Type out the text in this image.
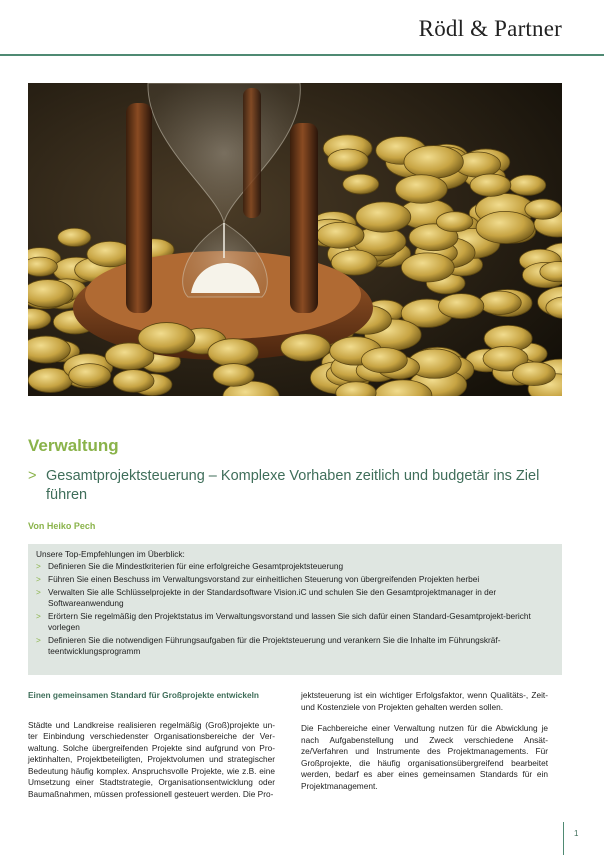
Rödl & Partner
Verwaltung
> Gesamtprojektsteuerung – Komplexe Vorhaben zeitlich und budgetär ins Ziel führen
Von Heiko Pech
Unsere Top-Empfehlungen im Überblick:
> Definieren Sie die Mindestkriterien für eine erfolgreiche Gesamtprojektsteuerung
> Führen Sie einen Beschuss im Verwaltungsvorstand zur einheitlichen Steuerung von übergreifenden Projekten herbei
> Verwalten Sie alle Schlüsselprojekte in der Standardsoftware Vision.iC und schulen Sie den Gesamtprojektmanager in der Softwareanwendung
> Erörtern Sie regelmäßig den Projektstatus im Verwaltungsvorstand und lassen Sie sich dafür einen Standard-Gesamtprojekt-bericht vorlegen
> Definieren Sie die notwendigen Führungsaufgaben für die Projektsteuerung und verankern Sie die Inhalte im Führungskräf-teentwicklungsprogramm
Einen gemeinsamen Standard für Großprojekte entwickeln

Städte und Landkreise realisieren regelmäßig (Groß)projekte un-ter Einbindung verschiedenster Organisationsbereiche der Ver-waltung. Solche übergreifenden Projekte sind aufgrund von Pro-jektinhalten, Projektbeteiligten, Projektvolumen und strategischer Bedeutung häufig komplex. Anspruchsvolle Projekte, wie z.B. eine Umsetzung einer Stadtstrategie, Organisationsentwicklung oder Baumaßnahmen, müssen professionell gesteuert werden. Die Pro-

jektsteuerung ist ein wichtiger Erfolgsfaktor, wenn Qualitäts-, Zeit- und Kostenziele von Projekten gehalten werden sollen.

Die Fachbereiche einer Verwaltung nutzen für die Abwicklung je nach Aufgabenstellung und Zweck verschiedene Ansät-ze/Verfahren und Instrumente des Projektmanagements. Für Großprojekte, die häufig organisationsübergreifend bearbeitet werden, bedarf es aber eines gemeinsamen Standards für ein Projektmanagement.

1
